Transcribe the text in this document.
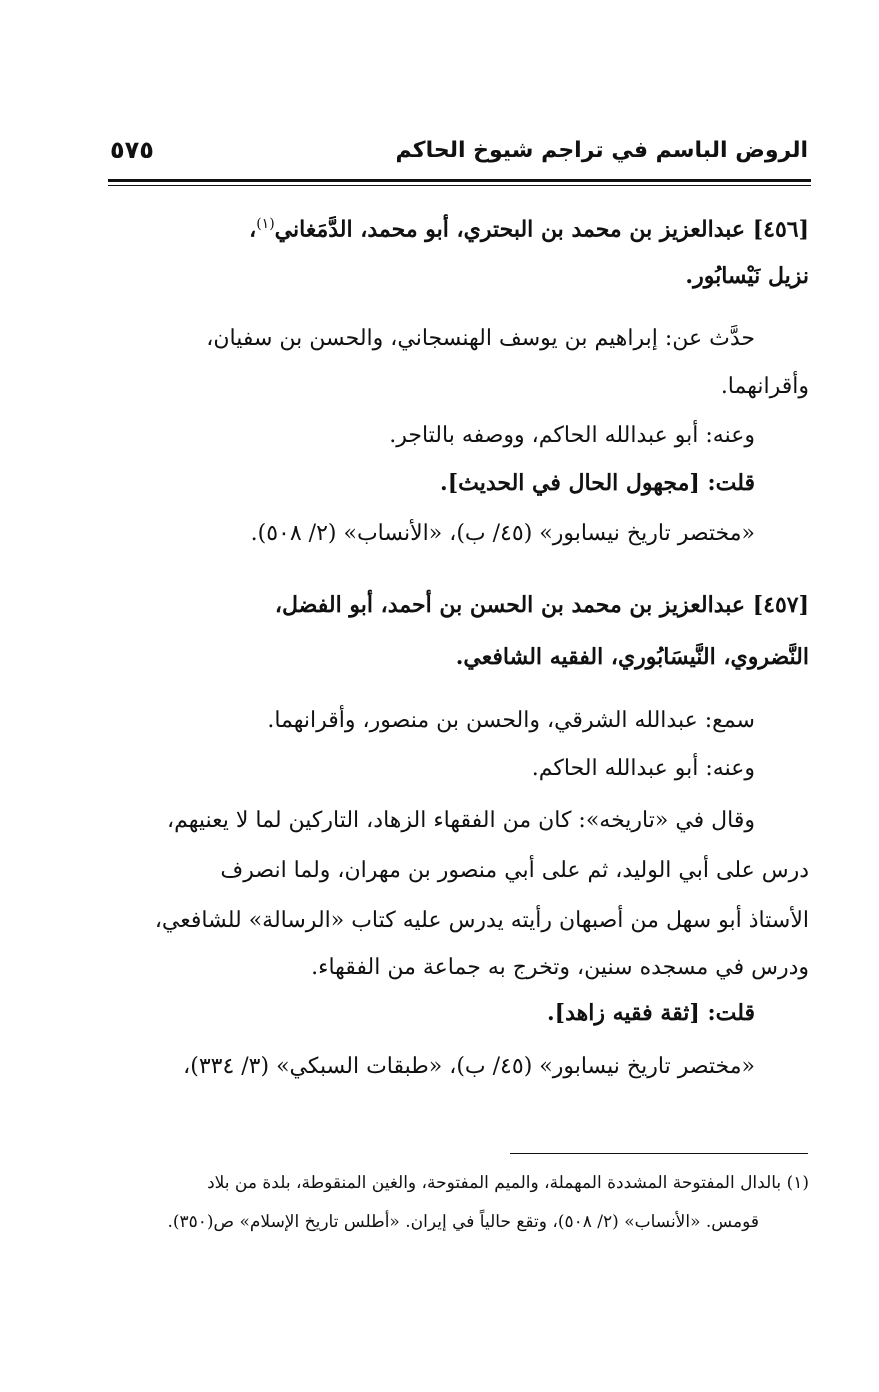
الروض الباسم في تراجم شيوخ الحاكم
٥٧٥
[٤٥٦] عبدالعزيز بن محمد بن البحتري، أبو محمد، الدَّمَغاني$^{(١)}$،
نزيل نَيْسابُور.
حدَّث عن: إبراهيم بن يوسف الهنسجاني، والحسن بن سفيان،
وأقرانهما.
وعنه: أبو عبدالله الحاكم، ووصفه بالتاجر.
قلت: [مجهول الحال في الحديث].
«مختصر تاريخ نيسابور» (٤٥/ ب)، «الأنساب» (٢/ ٥٠٨).
[٤٥٧] عبدالعزيز بن محمد بن الحسن بن أحمد، أبو الفضل،
النَّضروي، النَّيسَابُوري، الفقيه الشافعي.
سمع: عبدالله الشرقي، والحسن بن منصور، وأقرانهما.
وعنه: أبو عبدالله الحاكم.
وقال في «تاريخه»: كان من الفقهاء الزهاد، التاركين لما لا يعنيهم،
درس على أبي الوليد، ثم على أبي منصور بن مهران، ولما انصرف
الأستاذ أبو سهل من أصبهان رأيته يدرس عليه كتاب «الرسالة» للشافعي،
ودرس في مسجده سنين، وتخرج به جماعة من الفقهاء.
قلت: [ثقة فقيه زاهد].
«مختصر تاريخ نيسابور» (٤٥/ ب)، «طبقات السبكي» (٣/ ٣٣٤)،
(١) بالدال المفتوحة المشددة المهملة، والميم المفتوحة، والغين المنقوطة، بلدة من بلاد
قومس. «الأنساب» (٢/ ٥٠٨)، وتقع حالياً في إيران. «أطلس تاريخ الإسلام» ص(٣٥٠).
